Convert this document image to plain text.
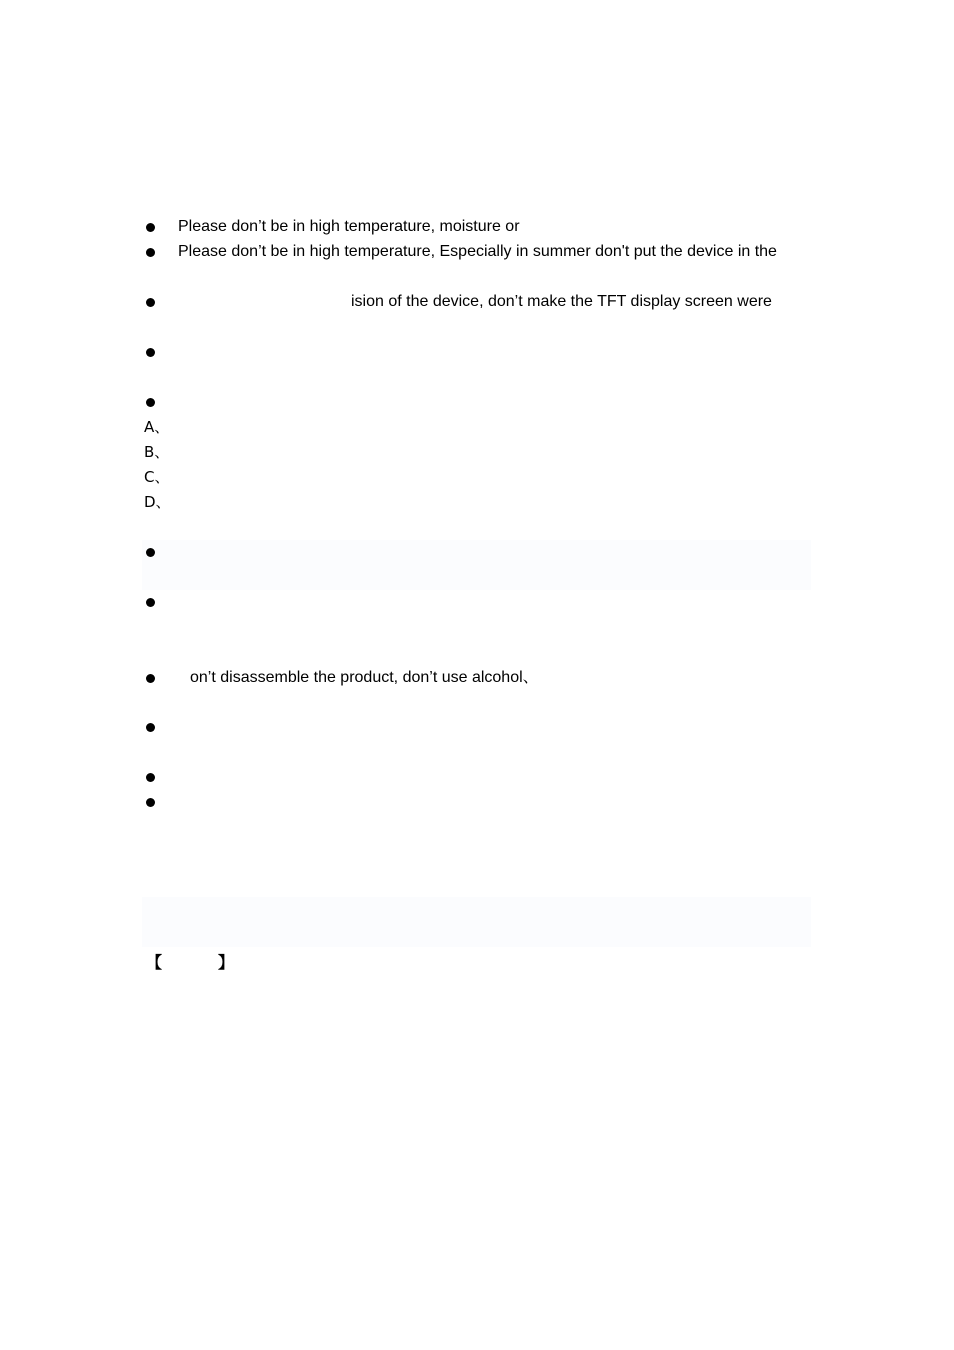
Please don’t be in high temperature, moisture or
Please don’t be in high temperature, Especially in summer don't put the device in the
ision of the device, don’t make the TFT display screen were
A、
B、
C、
D、
on’t disassemble the product, don’t use alcohol、
【	】
